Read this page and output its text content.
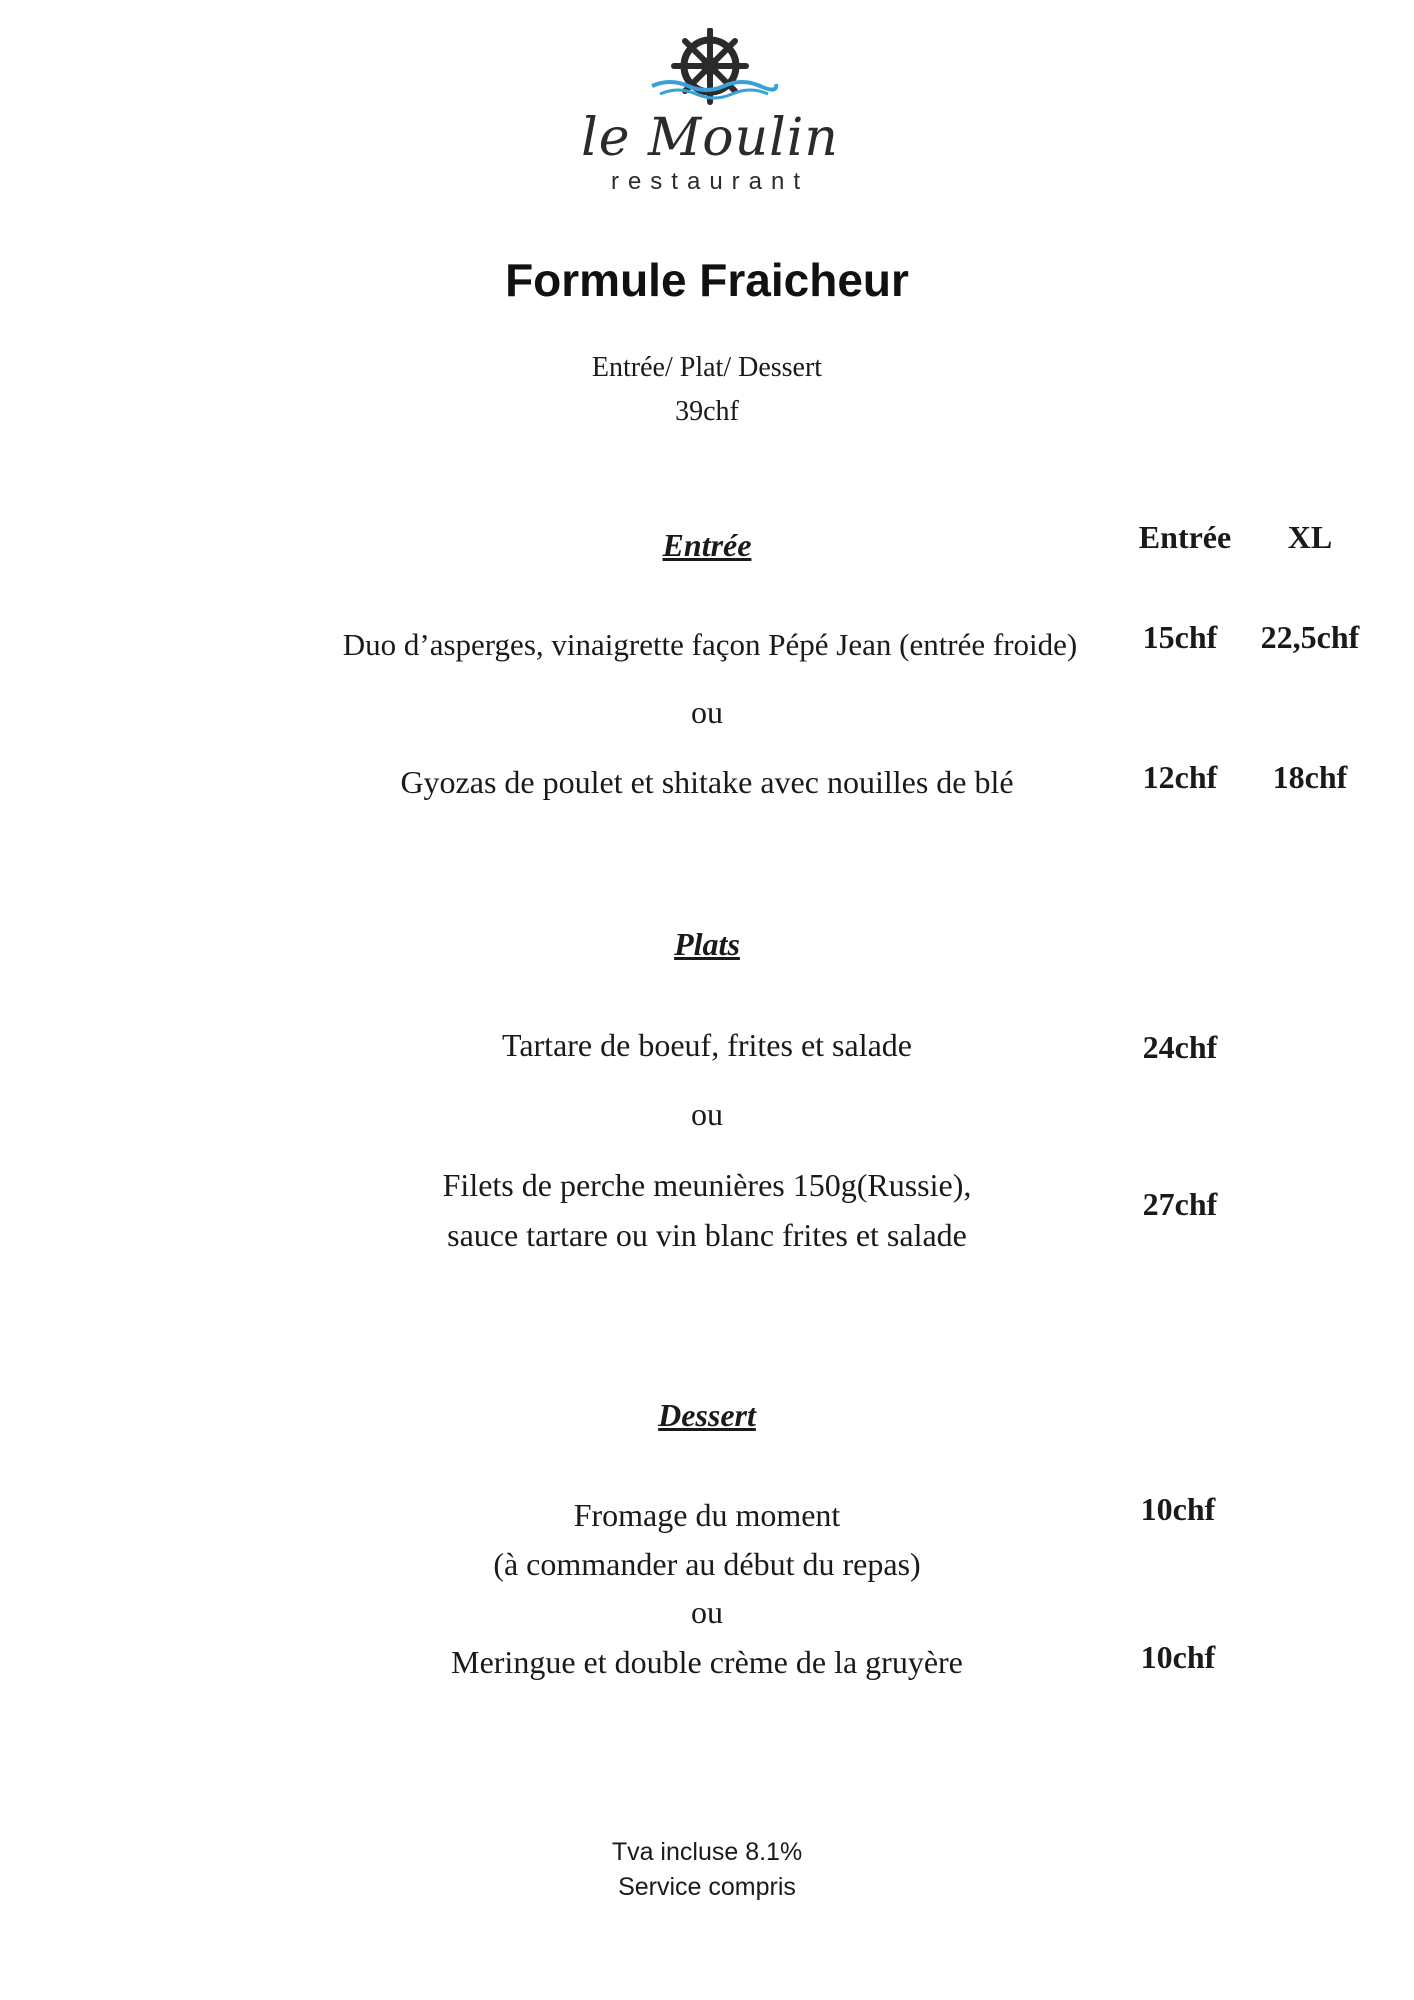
le Moulin
restaurant
Formule Fraicheur
Entrée/ Plat/ Dessert
39chf
Entrée	XL
Entrée
Duo d’asperges, vinaigrette façon Pépé Jean (entrée froide)	15chf	22,5chf
ou
Gyozas de poulet et shitake avec nouilles de blé	12chf	18chf
Plats
Tartare de boeuf, frites et salade	24chf
ou
Filets de perche meunières 150g(Russie),
sauce tartare ou vin blanc frites et salade
27chf
Dessert
Fromage du moment
(à commander au début du repas)
10chf
ou
Meringue et double crème de la gruyère	10chf
Tva incluse 8.1%
Service compris
